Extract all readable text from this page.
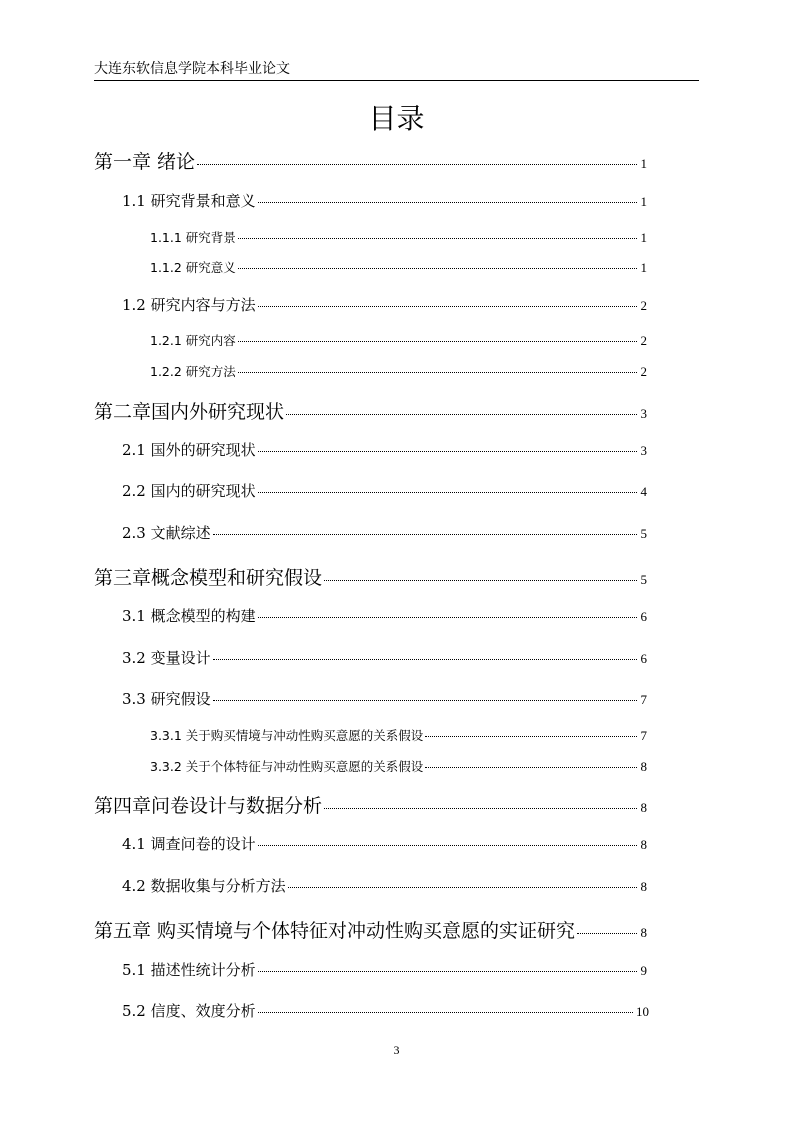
大连东软信息学院本科毕业论文
目录
第一章 绪论	1
1.1 研究背景和意义	1
1.1.1 研究背景	1
1.1.2 研究意义	1
1.2 研究内容与方法	2
1.2.1 研究内容	2
1.2.2 研究方法	2
第二章国内外研究现状	3
2.1 国外的研究现状	3
2.2 国内的研究现状	4
2.3 文献综述	5
第三章概念模型和研究假设	5
3.1 概念模型的构建	6
3.2 变量设计	6
3.3 研究假设	7
3.3.1 关于购买情境与冲动性购买意愿的关系假设	7
3.3.2 关于个体特征与冲动性购买意愿的关系假设	8
第四章问卷设计与数据分析	8
4.1 调查问卷的设计	8
4.2 数据收集与分析方法	8
第五章 购买情境与个体特征对冲动性购买意愿的实证研究	8
5.1 描述性统计分析	9
5.2 信度、效度分析	10
3
